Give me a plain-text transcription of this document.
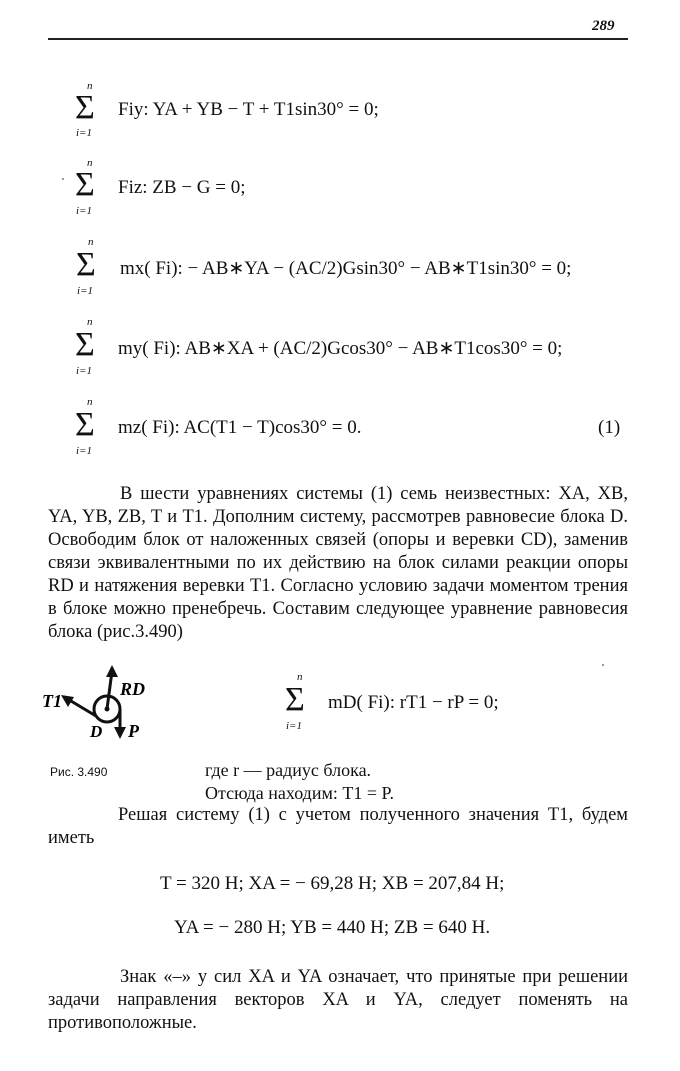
289
n
Σ
i=1
Fiy: YA + YB − T + T1sin30° = 0;
n
Σ
i=1
Fiz: ZB − G = 0;
n
Σ
i=1
mx( Fi): − AB∗YA − (AC/2)Gsin30° − AB∗T1sin30° = 0;
n
Σ
i=1
my( Fi): AB∗XA + (AC/2)Gcos30° − AB∗T1cos30° = 0;
n
Σ
i=1
mz( Fi): AC(T1 − T)cos30° = 0.	(1)
В шести уравнениях системы (1) семь неизвестных: XA, XB, YA, YB, ZB, T и T1. Дополним систему, рассмотрев равновесие блока D. Освободим блок от наложенных связей (опоры и веревки CD), заменив связи эквивалентными по их действию на блок силами реакции опоры RD и натяжения веревки T1. Согласно условию задачи моментом трения в блоке можно пренебречь. Составим следующее уравнение равновесия блока (рис.3.490)
T1
RD
D P
n
Σ
i=1
mD( Fi): rT1 − rP = 0;
Рис. 3.490	где r — радиус блока.
Отсюда находим: T1 = P.
Решая систему (1) с учетом полученного значения T1, будем иметь
T = 320 H; XA = − 69,28 H; XB = 207,84 H;
YA = − 280 H; YB = 440 H; ZB = 640 H.
Знак «–» у сил XA и YA означает, что принятые при решении задачи направления векторов XA и YA, следует поменять на противоположные.
